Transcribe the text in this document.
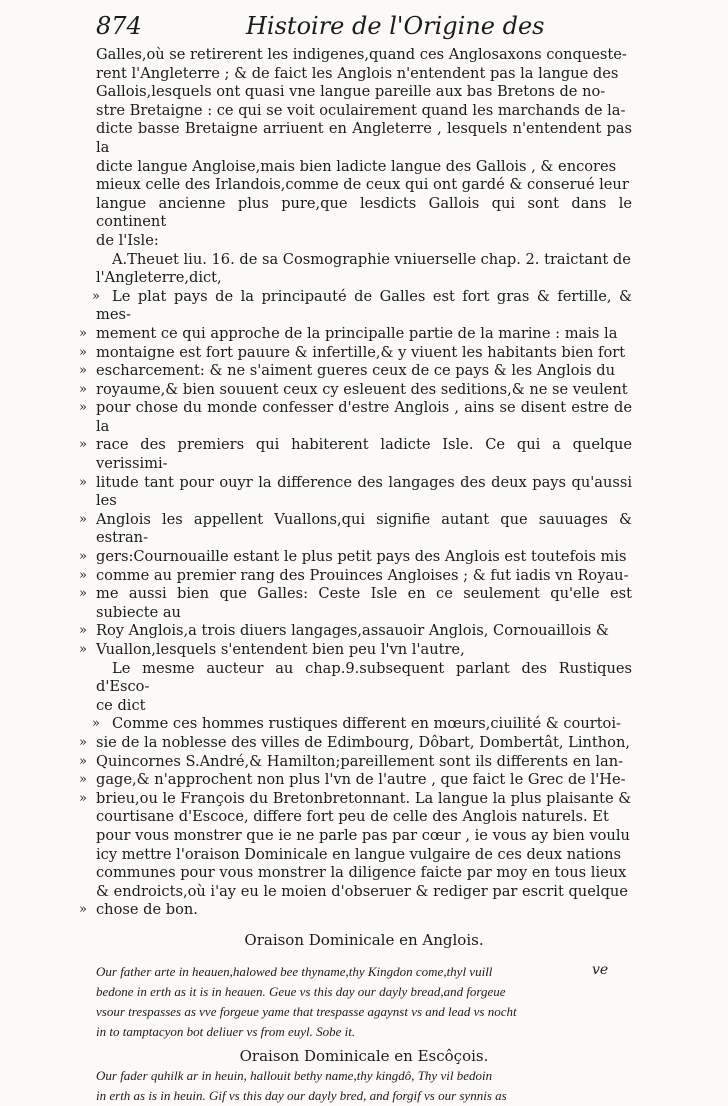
874	Histoire de l'Origine des

Galles,où se retirerent les indigenes,quand ces Anglosaxons conqueste-

rent l'Angleterre ; & de faict les Anglois n'entendent pas la langue des

Gallois,lesquels ont quasi vne langue pareille aux bas Bretons de no-

stre Bretaigne : ce qui se voit oculairement quand les marchands de la-

dicte basse Bretaigne arriuent en Angleterre , lesquels n'entendent pas la

dicte langue Angloise,mais bien ladicte langue des Gallois , & encores

mieux celle des Irlandois,comme de ceux qui ont gardé & conserué leur

langue ancienne plus pure,que lesdicts Gallois qui sont dans le continent

de l'Isle:

A.Theuet liu. 16. de sa Cosmographie vniuerselle chap. 2. traictant de

l'Angleterre,dict,

» Le plat pays de la principauté de Galles est fort gras & fertille, & mes-

» mement ce qui approche de la principalle partie de la marine : mais la

» montaigne est fort pauure & infertille,& y viuent les habitants bien fort

» escharcement: & ne s'aiment gueres ceux de ce pays & les Anglois du

» royaume,& bien souuent ceux cy esleuent des seditions,& ne se veulent

» pour chose du monde confesser d'estre Anglois , ains se disent estre de la

» race des premiers qui habiterent ladicte Isle. Ce qui a quelque verissimi-

» litude tant pour ouyr la difference des langages des deux pays qu'aussi les

» Anglois les appellent Vuallons,qui signifie autant que sauuages & estran-

» gers:Cournouaille estant le plus petit pays des Anglois est toutefois mis

» comme au premier rang des Prouinces Angloises ; & fut iadis vn Royau-

» me aussi bien que Galles: Ceste Isle en ce seulement qu'elle est subiecte au

» Roy Anglois,a trois diuers langages,assauoir Anglois, Cornouaillois &

» Vuallon,lesquels s'entendent bien peu l'vn l'autre,

Le mesme aucteur au chap.9.subsequent parlant des Rustiques d'Esco-

ce dict

» Comme ces hommes rustiques different en mœurs,ciuilité & courtoi-

» sie de la noblesse des villes de Edimbourg, Dôbart, Dombertât, Linthon,

» Quincornes S.André,& Hamilton;pareillement sont ils differents en lan-

» gage,& n'approchent non plus l'vn de l'autre , que faict le Grec de l'He-

» brieu,ou le François du Bretonbretonnant. La langue la plus plaisante &

courtisane d'Escoce, differe fort peu de celle des Anglois naturels. Et

pour vous monstrer que ie ne parle pas par cœur , ie vous ay bien voulu

icy mettre l'oraison Dominicale en langue vulgaire de ces deux nations

communes pour vous monstrer la diligence faicte par moy en tous lieux

& endroicts,où i'ay eu le moien d'obseruer & rediger par escrit quelque

» chose de bon.

Oraison Dominicale en Anglois.

Our father arte in heauen,halowed bee thyname,thy Kingdon come,thyl vuill

bedone in erth as it is in heauen. Geue vs this day our dayly bread,and forgeue

vsour trespasses as vve forgeue yame that trespasse agaynst vs and lead vs nocht

in to tamptacyon bot deliuer vs from euyl. Sobe it.

Oraison Dominicale en Escôçois.

Our fader quhilk ar in heuin, hallouit bethy name,thy kingdô, Thy vil bedoin

in erth as is in heuin. Gif vs this day our dayly bred, and forgif vs our synnis as

ve
